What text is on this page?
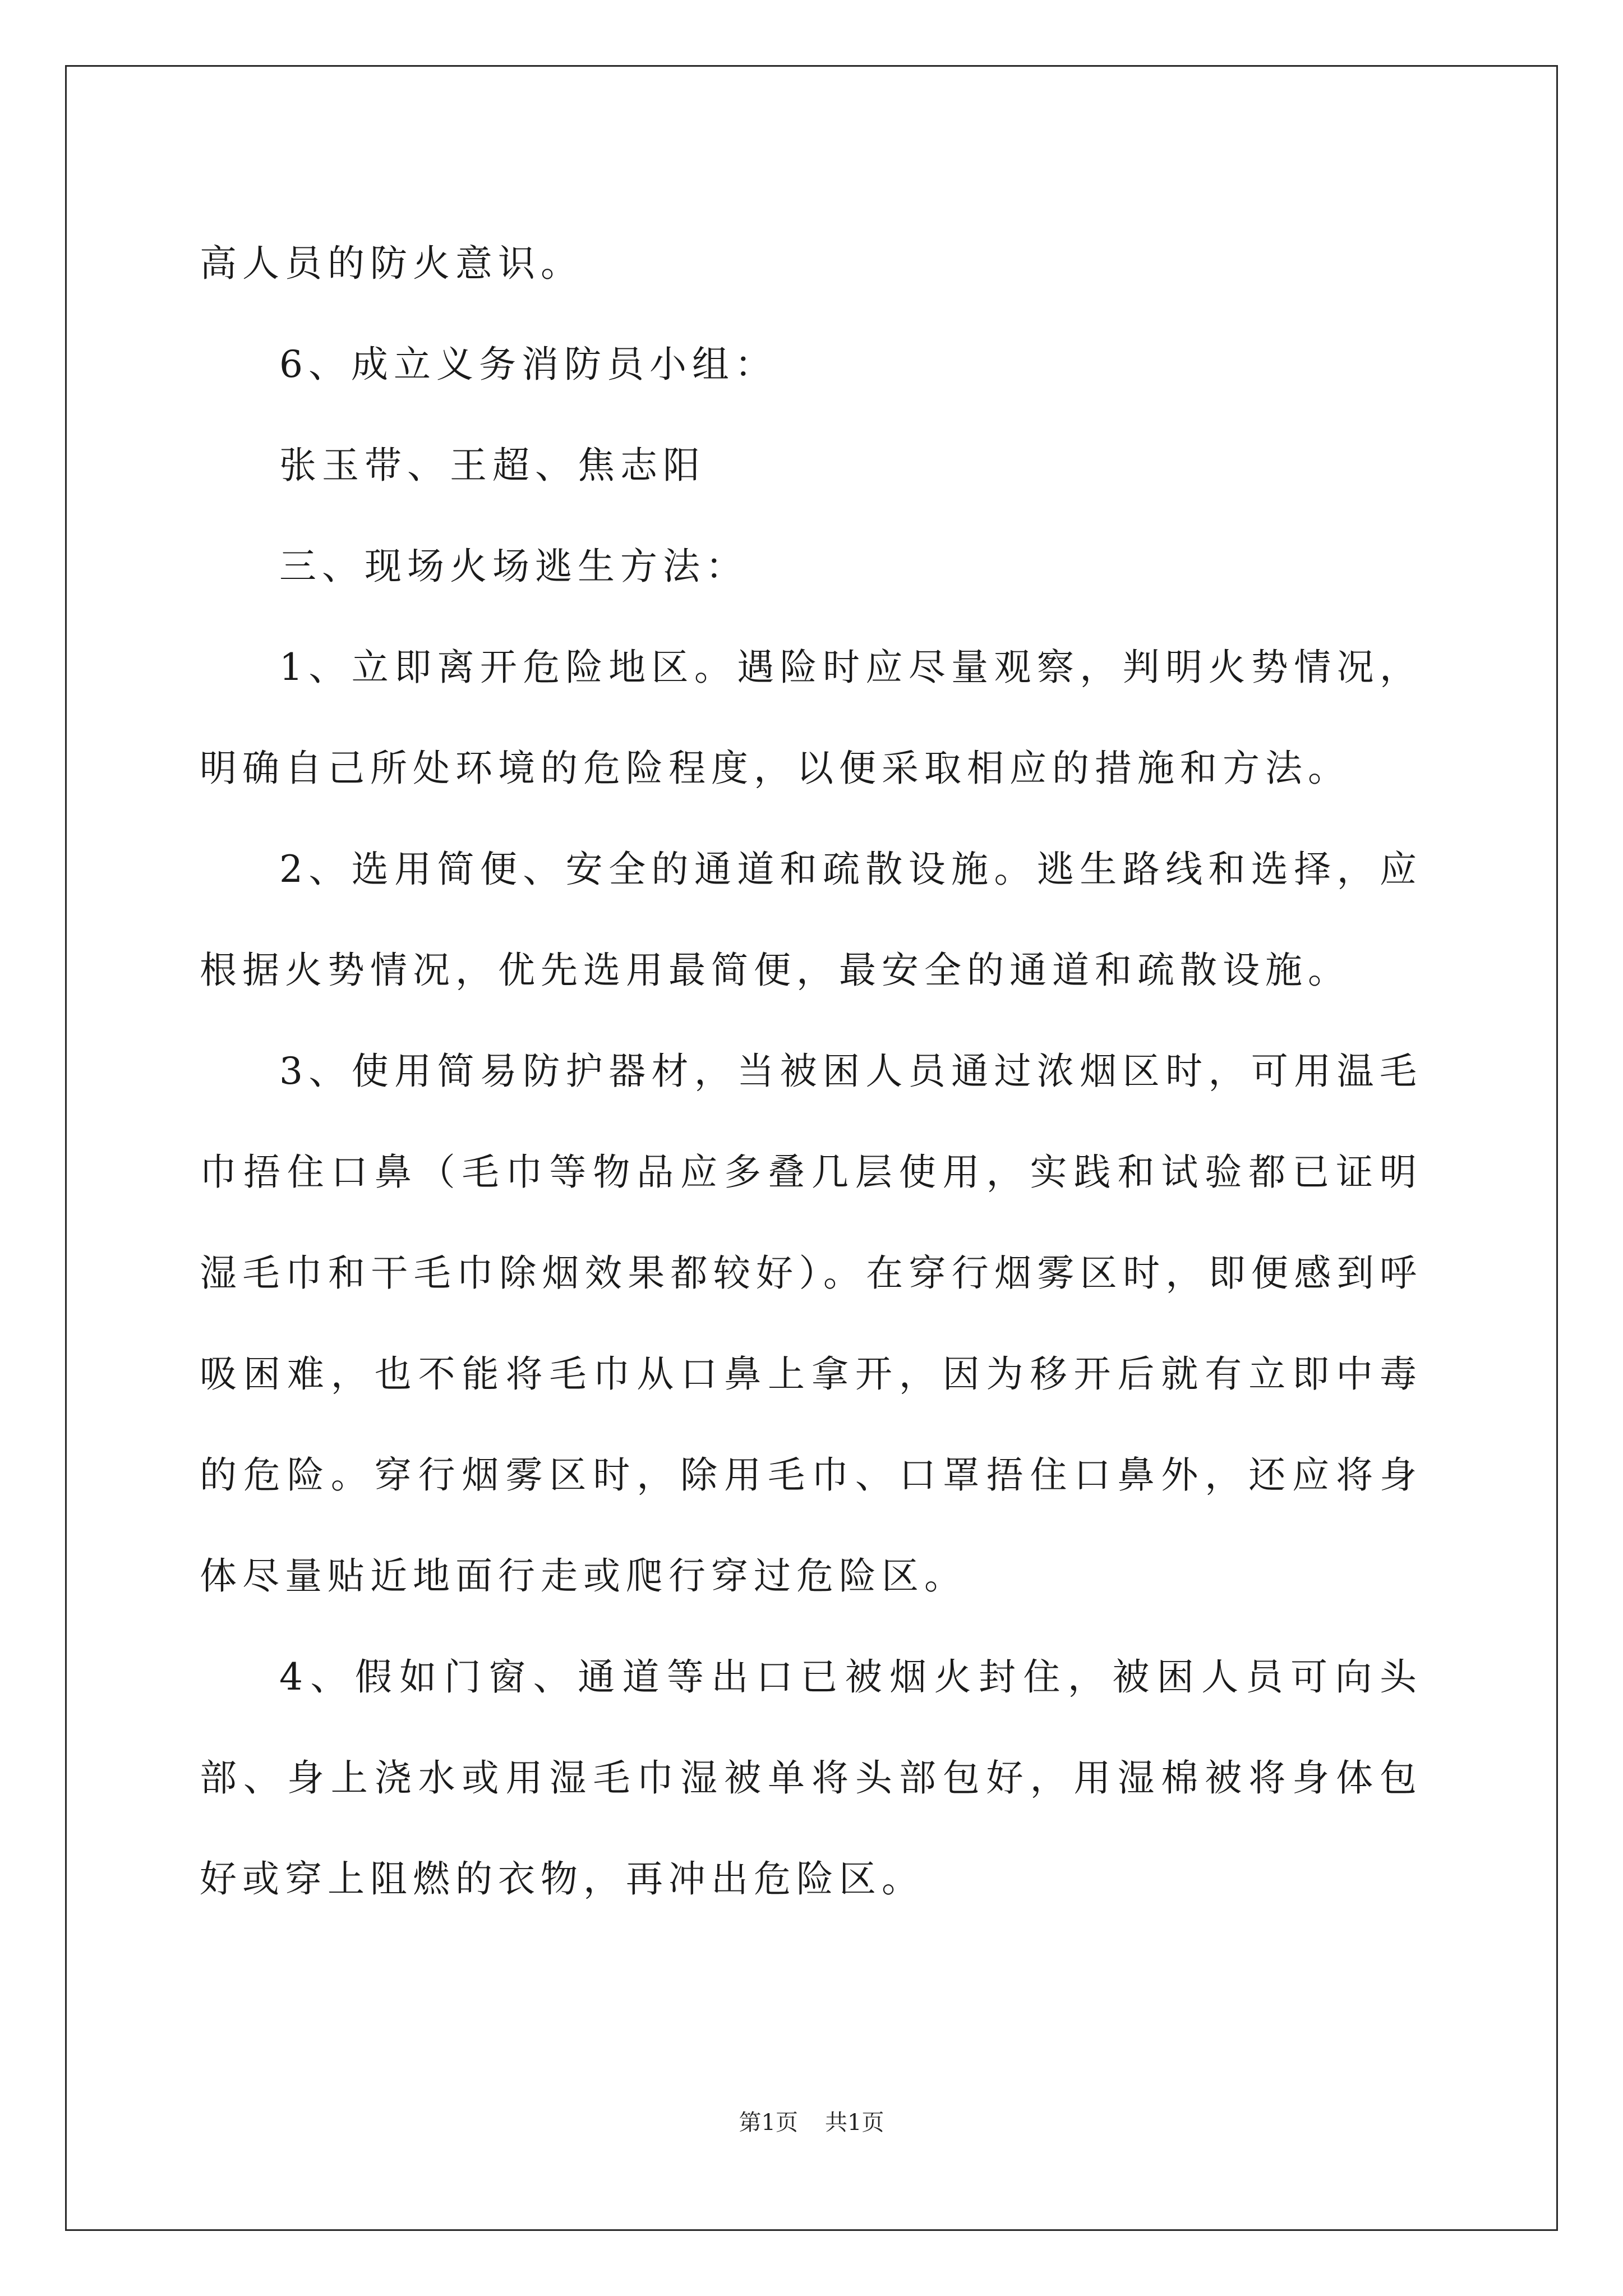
高人员的防火意识。

6、成立义务消防员小组：

张玉带、王超、焦志阳

三、现场火场逃生方法：

1、立即离开危险地区。遇险时应尽量观察，判明火势情况，明确自己所处环境的危险程度，以便采取相应的措施和方法。

2、选用简便、安全的通道和疏散设施。逃生路线和选择，应根据火势情况，优先选用最简便，最安全的通道和疏散设施。

3、使用简易防护器材，当被困人员通过浓烟区时，可用温毛巾捂住口鼻（毛巾等物品应多叠几层使用，实践和试验都已证明湿毛巾和干毛巾除烟效果都较好）。在穿行烟雾区时，即便感到呼吸困难，也不能将毛巾从口鼻上拿开，因为移开后就有立即中毒的危险。穿行烟雾区时，除用毛巾、口罩捂住口鼻外，还应将身体尽量贴近地面行走或爬行穿过危险区。

4、假如门窗、通道等出口已被烟火封住，被困人员可向头部、身上浇水或用湿毛巾湿被单将头部包好，用湿棉被将身体包好或穿上阻燃的衣物，再冲出危险区。

第1页 共1页
